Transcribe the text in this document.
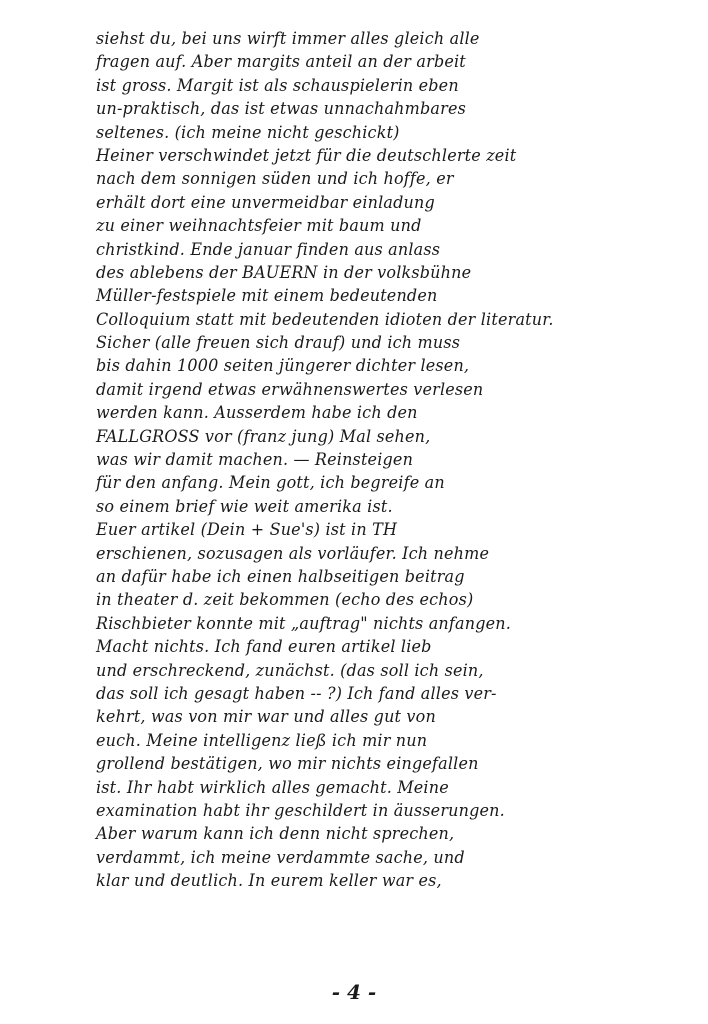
siehst du, bei uns wirft immer alles gleich alle
fragen auf. Aber margits anteil an der arbeit
ist gross. Margit ist als schauspielerin eben
un-praktisch, das ist etwas unnachahmbares
seltenes. (ich meine nicht geschickt)
Heiner verschwindet jetzt für die deutschlerte zeit
nach dem sonnigen süden und ich hoffe, er
erhält dort eine unvermeidbar einladung
zu einer weihnachtsfeier mit baum und
christkind. Ende januar finden aus anlass
des ablebens der BAUERN in der volksbühne
Müller-festspiele mit einem bedeutenden
Colloquium statt mit bedeutenden idioten der literatur.
Sicher (alle freuen sich drauf) und ich muss
bis dahin 1000 seiten jüngerer dichter lesen,
damit irgend etwas erwähnenswertes verlesen
werden kann. Ausserdem habe ich den
FALLGROSS vor (franz jung) Mal sehen,
was wir damit machen. — Reinsteigen
für den anfang. Mein gott, ich begreife an
so einem brief wie weit amerika ist.
Euer artikel (Dein + Sue's) ist in TH
erschienen, sozusagen als vorläufer. Ich nehme
an dafür habe ich einen halbseitigen beitrag
in theater d. zeit bekommen (echo des echos)
Rischbieter konnte mit „auftrag" nichts anfangen.
Macht nichts. Ich fand euren artikel lieb
und erschreckend, zunächst. (das soll ich sein,
das soll ich gesagt haben -- ?) Ich fand alles ver-
kehrt, was von mir war und alles gut von
euch. Meine intelligenz ließ ich mir nun
grollend bestätigen, wo mir nichts eingefallen
ist. Ihr habt wirklich alles gemacht. Meine
examination habt ihr geschildert in äusserungen.
Aber warum kann ich denn nicht sprechen,
verdammt, ich meine verdammte sache, und
klar und deutlich. In eurem keller war es,
- 4 -
